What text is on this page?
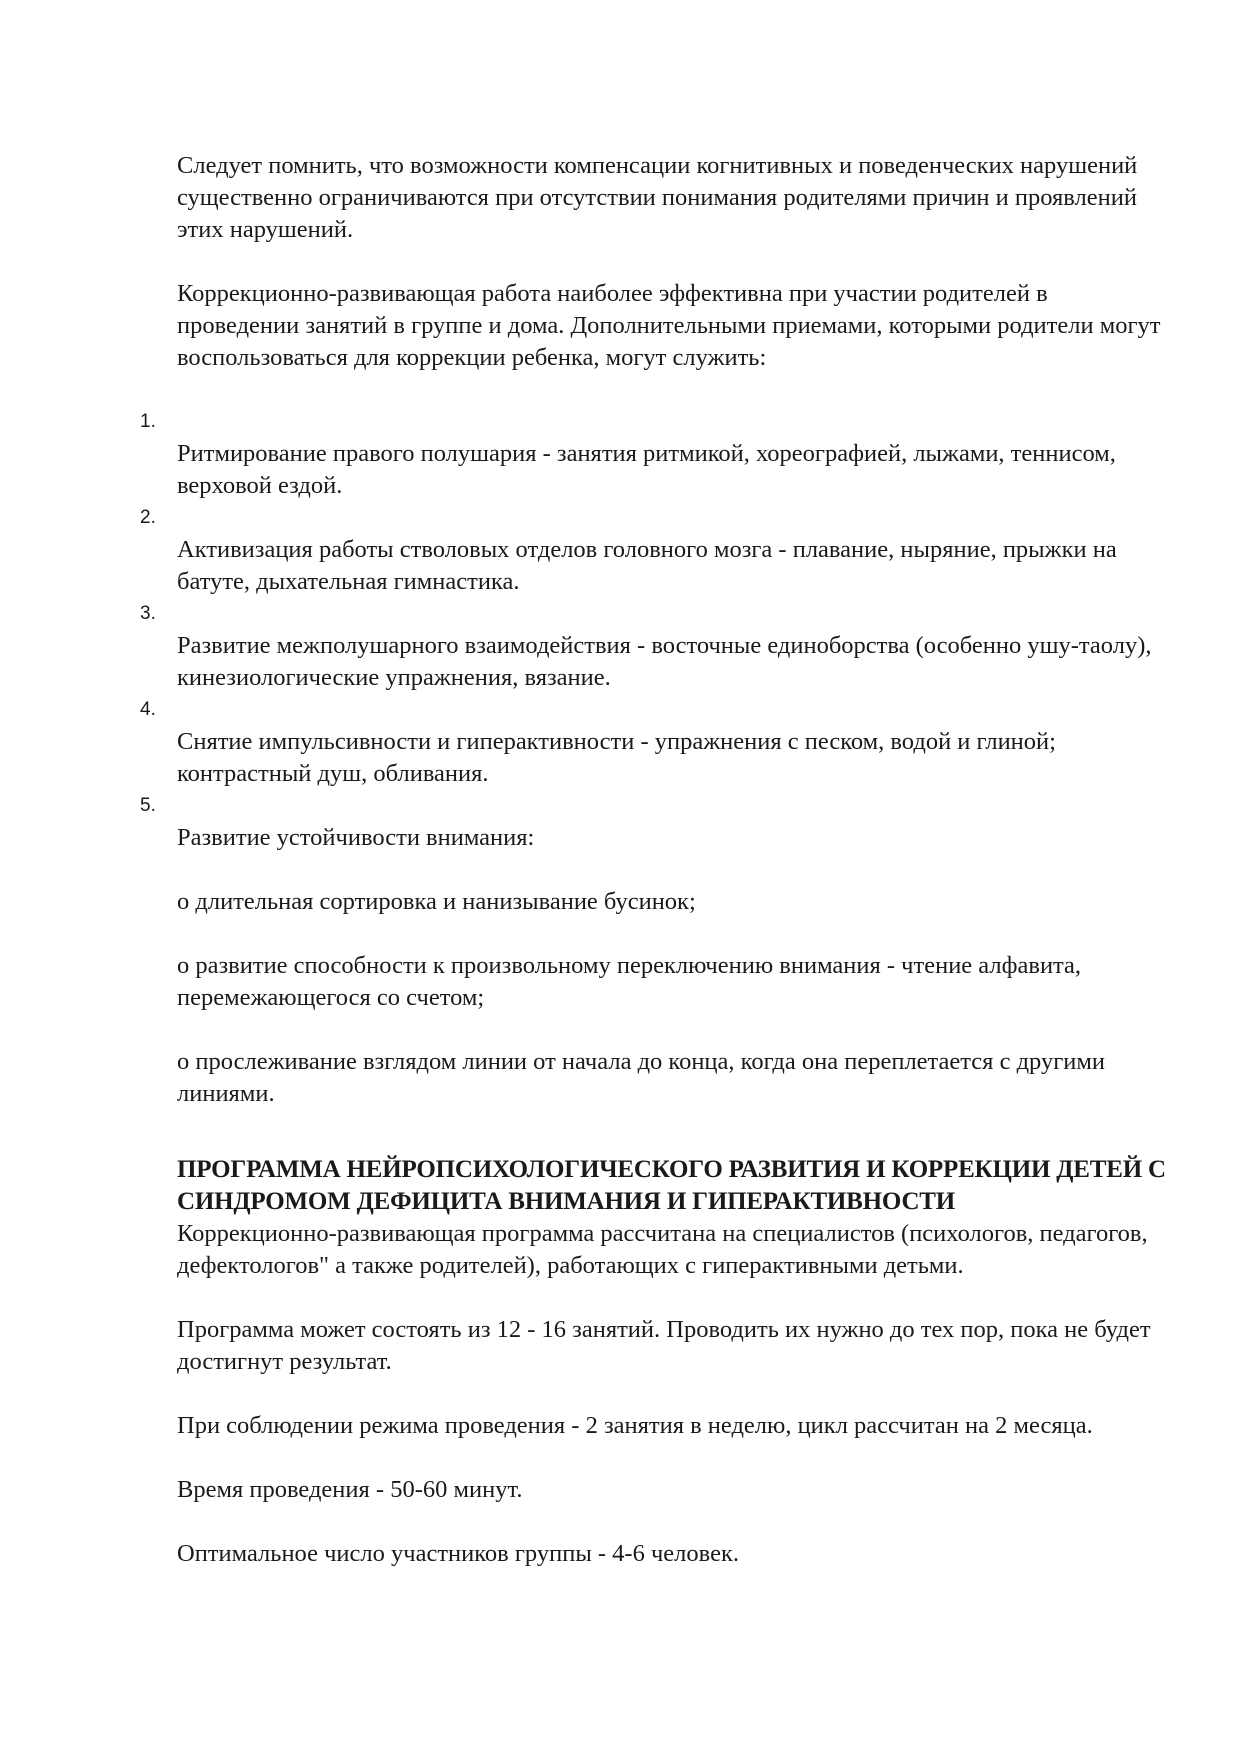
Следует помнить, что возможности компенсации когнитивных и поведенческих нарушений существенно ограничиваются при отсутствии понимания родителями причин и проявлений этих нарушений.

Коррекционно-развивающая работа наиболее эффективна при участии родителей в проведении занятий в группе и дома. Дополнительными приемами, которыми родители могут воспользоваться для коррекции ребенка, могут служить:

1.

Ритмирование правого полушария - занятия ритмикой, хореографией, лыжами, теннисом, верховой ездой.

2.

Активизация работы стволовых отделов головного мозга - плавание, ныряние, прыжки на батуте, дыхательная гимнастика.

3.

Развитие межполушарного взаимодействия - восточные единоборства (особенно ушу-таолу), кинезиологические упражнения, вязание.

4.

Снятие импульсивности и гиперактивности - упражнения с песком, водой и глиной; контрастный душ, обливания.

5.

Развитие устойчивости внимания:

о длительная сортировка и нанизывание бусинок;

о развитие способности к произвольному переключению внимания - чтение алфавита, перемежающегося со счетом;

о прослеживание взглядом линии от начала до конца, когда она переплетается с другими линиями.

ПРОГРАММА НЕЙРОПСИХОЛОГИЧЕСКОГО РАЗВИТИЯ И КОРРЕКЦИИ ДЕТЕЙ С СИНДРОМОМ ДЕФИЦИТА ВНИМАНИЯ И ГИПЕРАКТИВНОСТИ

Коррекционно-развивающая программа рассчитана на специалистов (психологов, педагогов, дефектологов" а также родителей), работающих с гиперактивными детьми.

Программа может состоять из 12 - 16 занятий. Проводить их нужно до тех пор, пока не будет достигнут результат.

При соблюдении режима проведения - 2 занятия в неделю, цикл рассчитан на 2 месяца.

Время проведения - 50-60 минут.

Оптимальное число участников группы - 4-6 человек.
